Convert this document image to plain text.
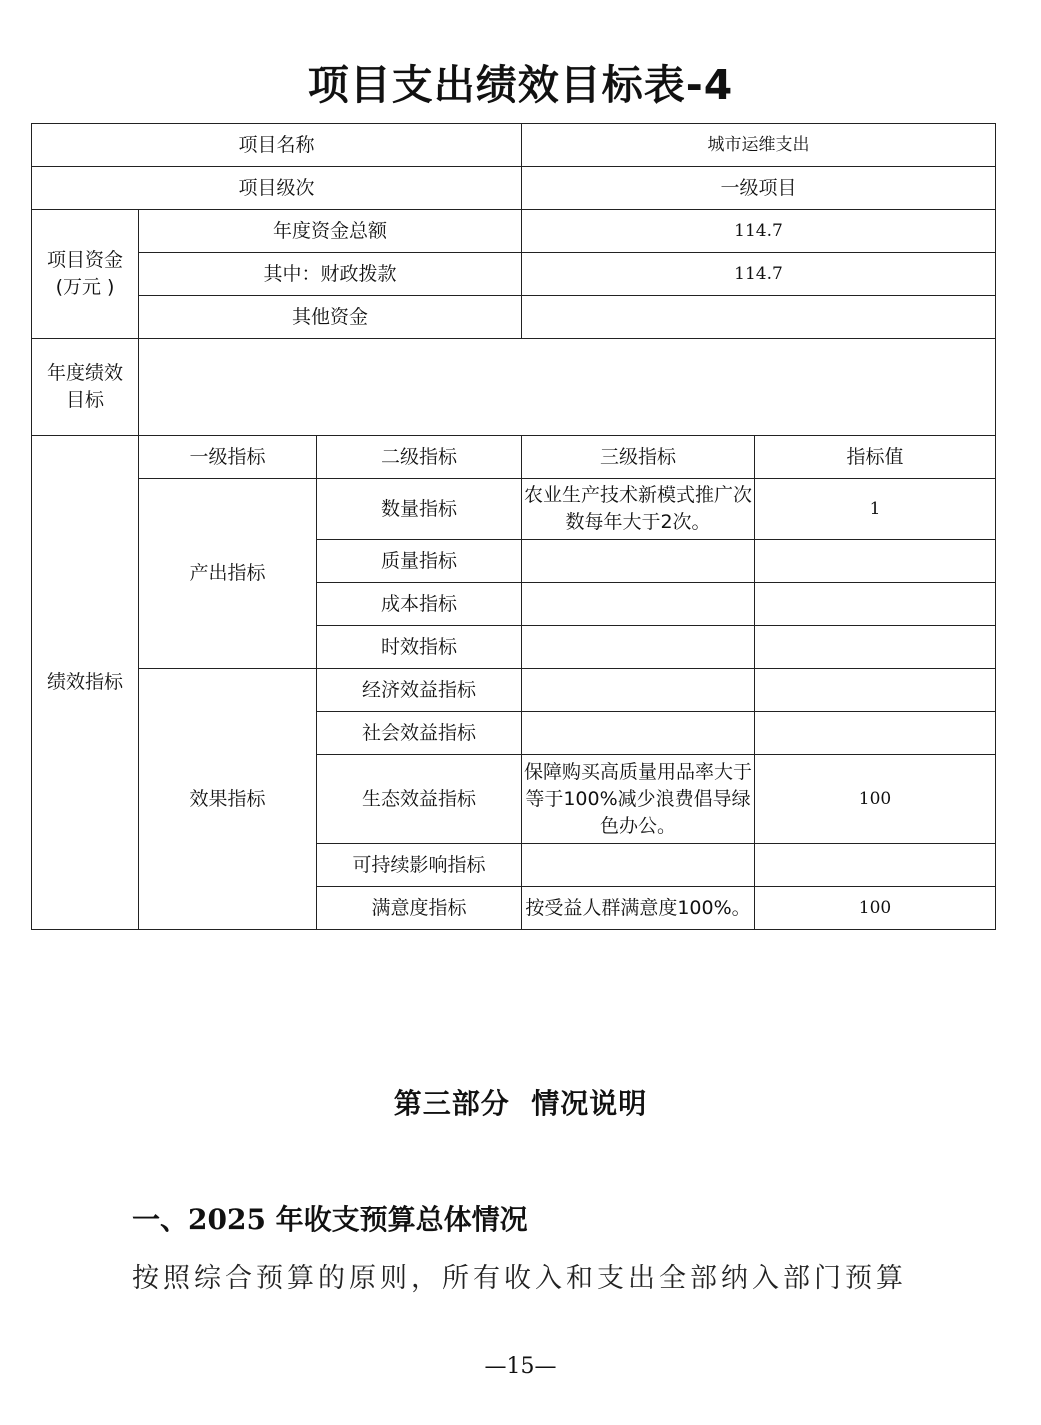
项目支出绩效目标表-4
项目名称			城市运维支出	
项目级次			一级项目	
项目资金
(万元 )	年度资金总额		114.7	
	其中：财政拨款		114.7	
	其他资金			
年度绩效
目标				
绩效指标	一级指标	二级指标	三级指标	指标值
	产出指标	数量指标	农业生产技术新模式推广次数每年大于2次。	1
		质量指标		
		成本指标		
		时效指标		
	效果指标	经济效益指标		
		社会效益指标		
		生态效益指标	保障购买高质量用品率大于等于100%减少浪费倡导绿色办公。	100
		可持续影响指标		
		满意度指标	按受益人群满意度100%。	100
第三部分  情况说明
一、2025 年收支预算总体情况
按照综合预算的原则，所有收入和支出全部纳入部门预算
—15—
